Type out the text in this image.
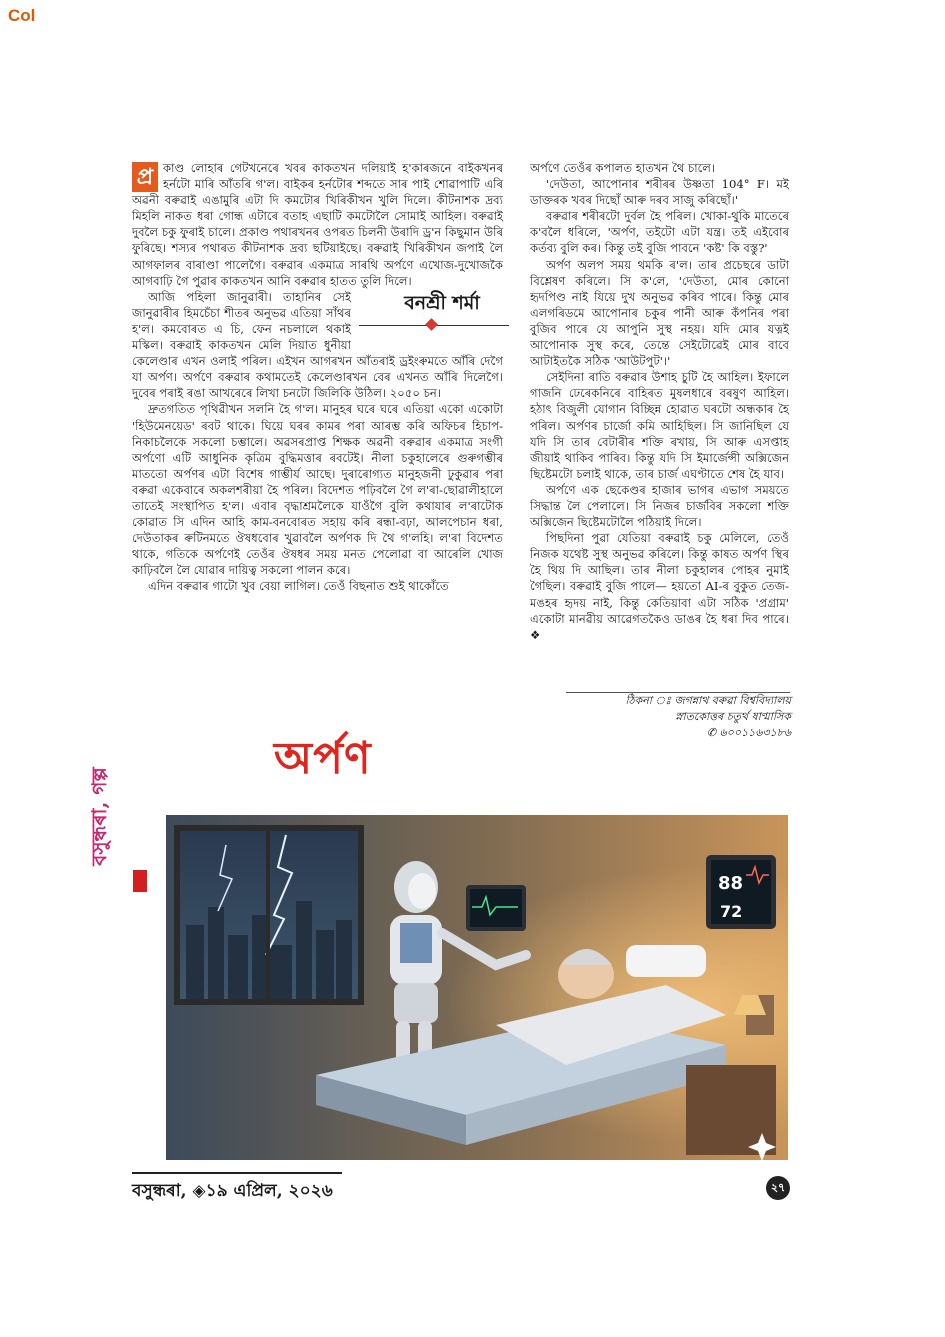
Col

প্ৰ কাণ্ড লোহাৰ গেটখনেৰে খবৰ কাকতখন দলিয়াই হ'কাৰজনে বাইকখনৰ হৰ্নটো মাৰি আঁতৰি গ'ল। বাইকৰ হৰ্নটোৰ শব্দতে সাৰ পাই শোৱাপাটি এৰি অৱনী বৰুৱাই এঙামুৰি এটা দি কমটোৰ খিৰিকীখন খুলি দিলে। কীটনাশক দ্ৰব্য মিহলি নাকত ধৰা গোন্ধ এটাৰে বতাহ এছাটি কমটোলৈ সোমাই আহিল। বৰুৱাই দুবলৈ চকু ফুৰাই চালে। প্ৰকাণ্ড পথাৰখনৰ ওপৰত চিলনী উৰাদি ড্ৰ'ন কিছুমান উৰি ফুৰিছে। শস্যৰ পথাৰত কীটনাশক দ্ৰব্য ছটিয়াইছে। বৰুৱাই খিৰিকীখন জপাই লৈ আগফালৰ বাৰাণ্ডা পালেগৈ। বৰুৱাৰ একমাত্ৰ সাৰথি অৰ্পণে এখোজ-দুখোজকৈ আগবাঢ়ি গৈ পুৱাৰ কাকতখন আনি বৰুৱাৰ হাতত তুলি দিলে।

বনশ্ৰী শৰ্মা
আজি পহিলা জানুৱাৰী। তাহানিৰ সেই জানুৱাৰীৰ হিমচেঁচা শীতৰ অনুভৱ এতিয়া সাঁথৰ হ'ল। কমবোৰত এ চি, ফেন নচলালে থকাই মস্কিল। বৰুৱাই কাকতখন মেলি দিয়াত ধুনীয়া কেলেণ্ডাৰ এখন ওলাই পৰিল। এইখন আগৰখন আঁতৰাই ড্ৰইংৰুমতে আঁৰি দেগৈ যা অৰ্পণ। অৰ্পণে বৰুৱাৰ কথামতেই কেলেণ্ডাৰখন বেৰ এখনত আঁৰি দিলেগৈ। দুবেৰ পৰাই ৰঙা আখৰেৰে লিখা চনটো জিলিকি উঠিল। ২০৫০ চন।

দ্ৰুতগতিত পৃথিৱীখন সলনি হৈ গ'ল। মানুহৰ ঘৰে ঘৰে এতিয়া একো একোটা 'হিউমেনয়েড' ৰবট থাকে। ঘিয়ে ঘৰৰ কামৰ পৰা আৰম্ভ কৰি অফিচৰ হিচাপ-নিকাচলৈকে সকলো চম্ভালে। অৱসৰপ্ৰাপ্ত শিক্ষক অৱনী বৰুৱাৰ একমাত্ৰ সংগী অৰ্পণো এটি আধুনিক কৃত্ৰিম বুদ্ধিমত্তাৰ ৰবটেই। নীলা চকুহালেৰে গুৰুগম্ভীৰ মাততো অৰ্পণৰ এটা বিশেষ গাম্ভীৰ্য আছে। দুৰাৰোগ্যত মানুহজনী ঢুকুৱাৰ পৰা বৰুৱা একেবাৰে অকলশৰীয়া হৈ পৰিল। বিদেশত পঢ়িবলৈ গৈ ল'ৰা-ছোৱালীহালে তাতেই সংস্থাপিত হ'ল। এবাৰ বৃদ্ধাশ্ৰমলৈকে যাওঁগৈ বুলি কথাযাৰ ল'ৰাটোক কোৱাত সি এদিন আহি কাম-বনবোৰত সহায় কৰি ৰন্ধা-বঢ়া, আলপেচান ধৰা, দেউতাকৰ ৰুটিনমতে ঔষধবোৰ খুৱাবলৈ অৰ্পণক দি থৈ গ'লহি। ল'ৰা বিদেশত থাকে, গতিকে অৰ্পণেই তেওঁৰ ঔষধৰ সময় মনত পেলোৱা বা আৰেলি খোজ কাঢ়িবলৈ লৈ যোৱাৰ দায়িত্ব সকলো পালন কৰে।

এদিন বৰুৱাৰ গাটো খুব বেয়া লাগিল। তেওঁ বিছনাত শুই থাকোঁতে

অৰ্পণে তেওঁৰ কপালত হাতখন থৈ চালে।

'দেউতা, আপোনাৰ শৰীৰৰ উষ্ণতা 104° F। মই ডাক্তৰক খবৰ দিছোঁ আৰু দৰব সাজু কৰিছোঁ।'

বৰুৱাৰ শৰীৰটো দুৰ্বল হৈ পৰিল। খোকা-থুকি মাতেৰে ক'বলৈ ধৰিলে, 'অৰ্পণ, তইটো এটা যন্ত্ৰ। তই এইবোৰ কৰ্তব্য বুলি কৰ। কিন্তু তই বুজি পাবনে 'কষ্ট' কি বস্তু?'

অৰ্পণ অলপ সময় থমকি ৰ'ল। তাৰ প্ৰচেছৰে ডাটা বিশ্লেষণ কৰিলে। সি ক'লে, 'দেউতা, মোৰ কোনো হৃদপিণ্ড নাই যিয়ে দুখ অনুভৱ কৰিব পাৰে। কিন্তু মোৰ এলগৰিডমে আপোনাৰ চকুৰ পানী আৰু কঁপনিৰ পৰা বুজিব পাৰে যে আপুনি সুস্থ নহয়। যদি মোৰ যত্নই আপোনাক সুস্থ কৰে, তেন্তে সেইটোৱেই মোৰ বাবে আটাইতকৈ সঠিক 'আউটপুট'।'

সেইদিনা ৰাতি বৰুৱাৰ উশাহ চুটি হৈ আহিল। ইফালে গাজনি ঢেৰেকনিৰে বাহিৰত মুষলধাৰে বৰষুণ আহিল। হঠাৎ বিজুলী যোগান বিচ্ছিন্ন হোৱাত ঘৰটো অন্ধকাৰ হৈ পৰিল। অৰ্পণৰ চাৰ্জো কমি আহিছিল। সি জানিছিল যে যদি সি তাৰ বেটাৰীৰ শক্তি ৰখায়, সি আৰু এসপ্তাহ জীয়াই থাকিব পাৰিব। কিন্তু যদি সি ইমাৰ্জেন্সী অক্সিজেন ছিষ্টেমটো চলাই থাকে, তাৰ চাৰ্জ এঘণ্টাতে শেষ হৈ যাব।

অৰ্পণে এক ছেকেণ্ডৰ হাজাৰ ভাগৰ এভাগ সময়তে সিদ্ধান্ত লৈ পেলালে। সি নিজৰ চাৰ্জবিৰ সকলো শক্তি অক্সিজেন ছিষ্টেমটোলৈ পঠিয়াই দিলে।

পিছদিনা পুৱা যেতিয়া বৰুৱাই চকু মেলিলে, তেওঁ নিজক যথেষ্ট সুস্থ অনুভৱ কৰিলে। কিন্তু কাষত অৰ্পণ স্থিৰ হৈ থিয় দি আছিল। তাৰ নীলা চকুহালৰ পোহৰ নুমাই গৈছিল। বৰুৱাই বুজি পালে— হয়তো AI-ৰ বুকুত তেজ-মঙহৰ হৃদয় নাই, কিন্তু কেতিয়াবা এটা সঠিক 'প্ৰগ্ৰাম' একোটা মানৱীয় আৱেগতকৈও ডাঙৰ হৈ ধৰা দিব পাৰে। ❖

ঠিকনা ঃ জগন্নাথ বৰুৱা বিশ্ববিদ্যালয়
স্নাতকোত্তৰ চতুৰ্থ ষাণ্মাসিক
✆ ৬০০১১৬৩১৮৬
বসুন্ধৰা, গল্প
অৰ্পণ
88
72
বসুন্ধৰা, ◈১৯ এপ্ৰিল, ২০২৬	২৭
